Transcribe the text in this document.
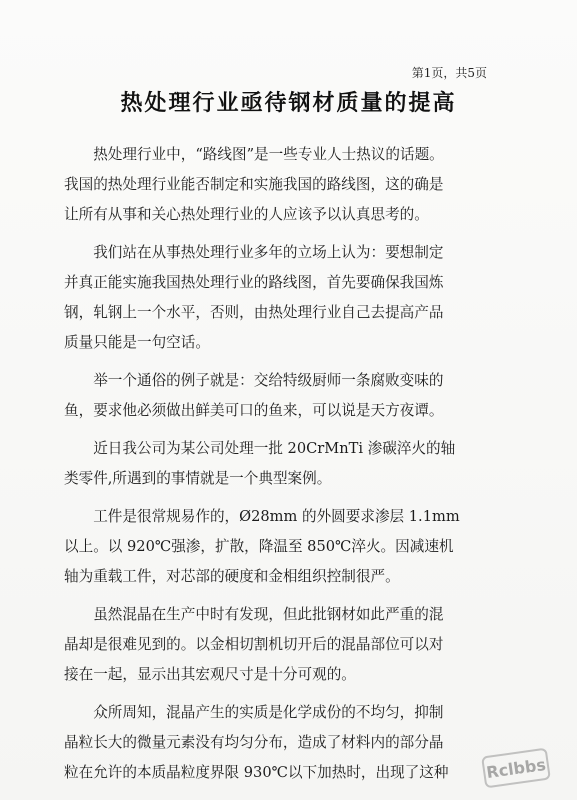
第1页，共5页
热处理行业亟待钢材质量的提高

　　热处理行业中，“路线图”是一些专业人士热议的话题。
我国的热处理行业能否制定和实施我国的路线图，这的确是
让所有从事和关心热处理行业的人应该予以认真思考的。

　　我们站在从事热处理行业多年的立场上认为：要想制定
并真正能实施我国热处理行业的路线图，首先要确保我国炼
钢，轧钢上一个水平，否则，由热处理行业自己去提高产品
质量只能是一句空话。

　　举一个通俗的例子就是：交给特级厨师一条腐败变味的
鱼，要求他必须做出鲜美可口的鱼来，可以说是天方夜谭。

　　近日我公司为某公司处理一批 20CrMnTi 渗碳淬火的轴
类零件,所遇到的事情就是一个典型案例。

　　工件是很常规易作的，Ø28mm 的外圆要求渗层 1.1mm
以上。以 920℃强渗，扩散，降温至 850℃淬火。因减速机
轴为重载工件，对芯部的硬度和金相组织控制很严。

　　虽然混晶在生产中时有发现，但此批钢材如此严重的混
晶却是很难见到的。以金相切割机切开后的混晶部位可以对
接在一起，显示出其宏观尺寸是十分可观的。

　　众所周知，混晶产生的实质是化学成份的不均匀，抑制
晶粒长大的微量元素没有均匀分布，造成了材料内的部分晶
粒在允许的本质晶粒度界限 930℃以下加热时，出现了这种	Rclbbs
